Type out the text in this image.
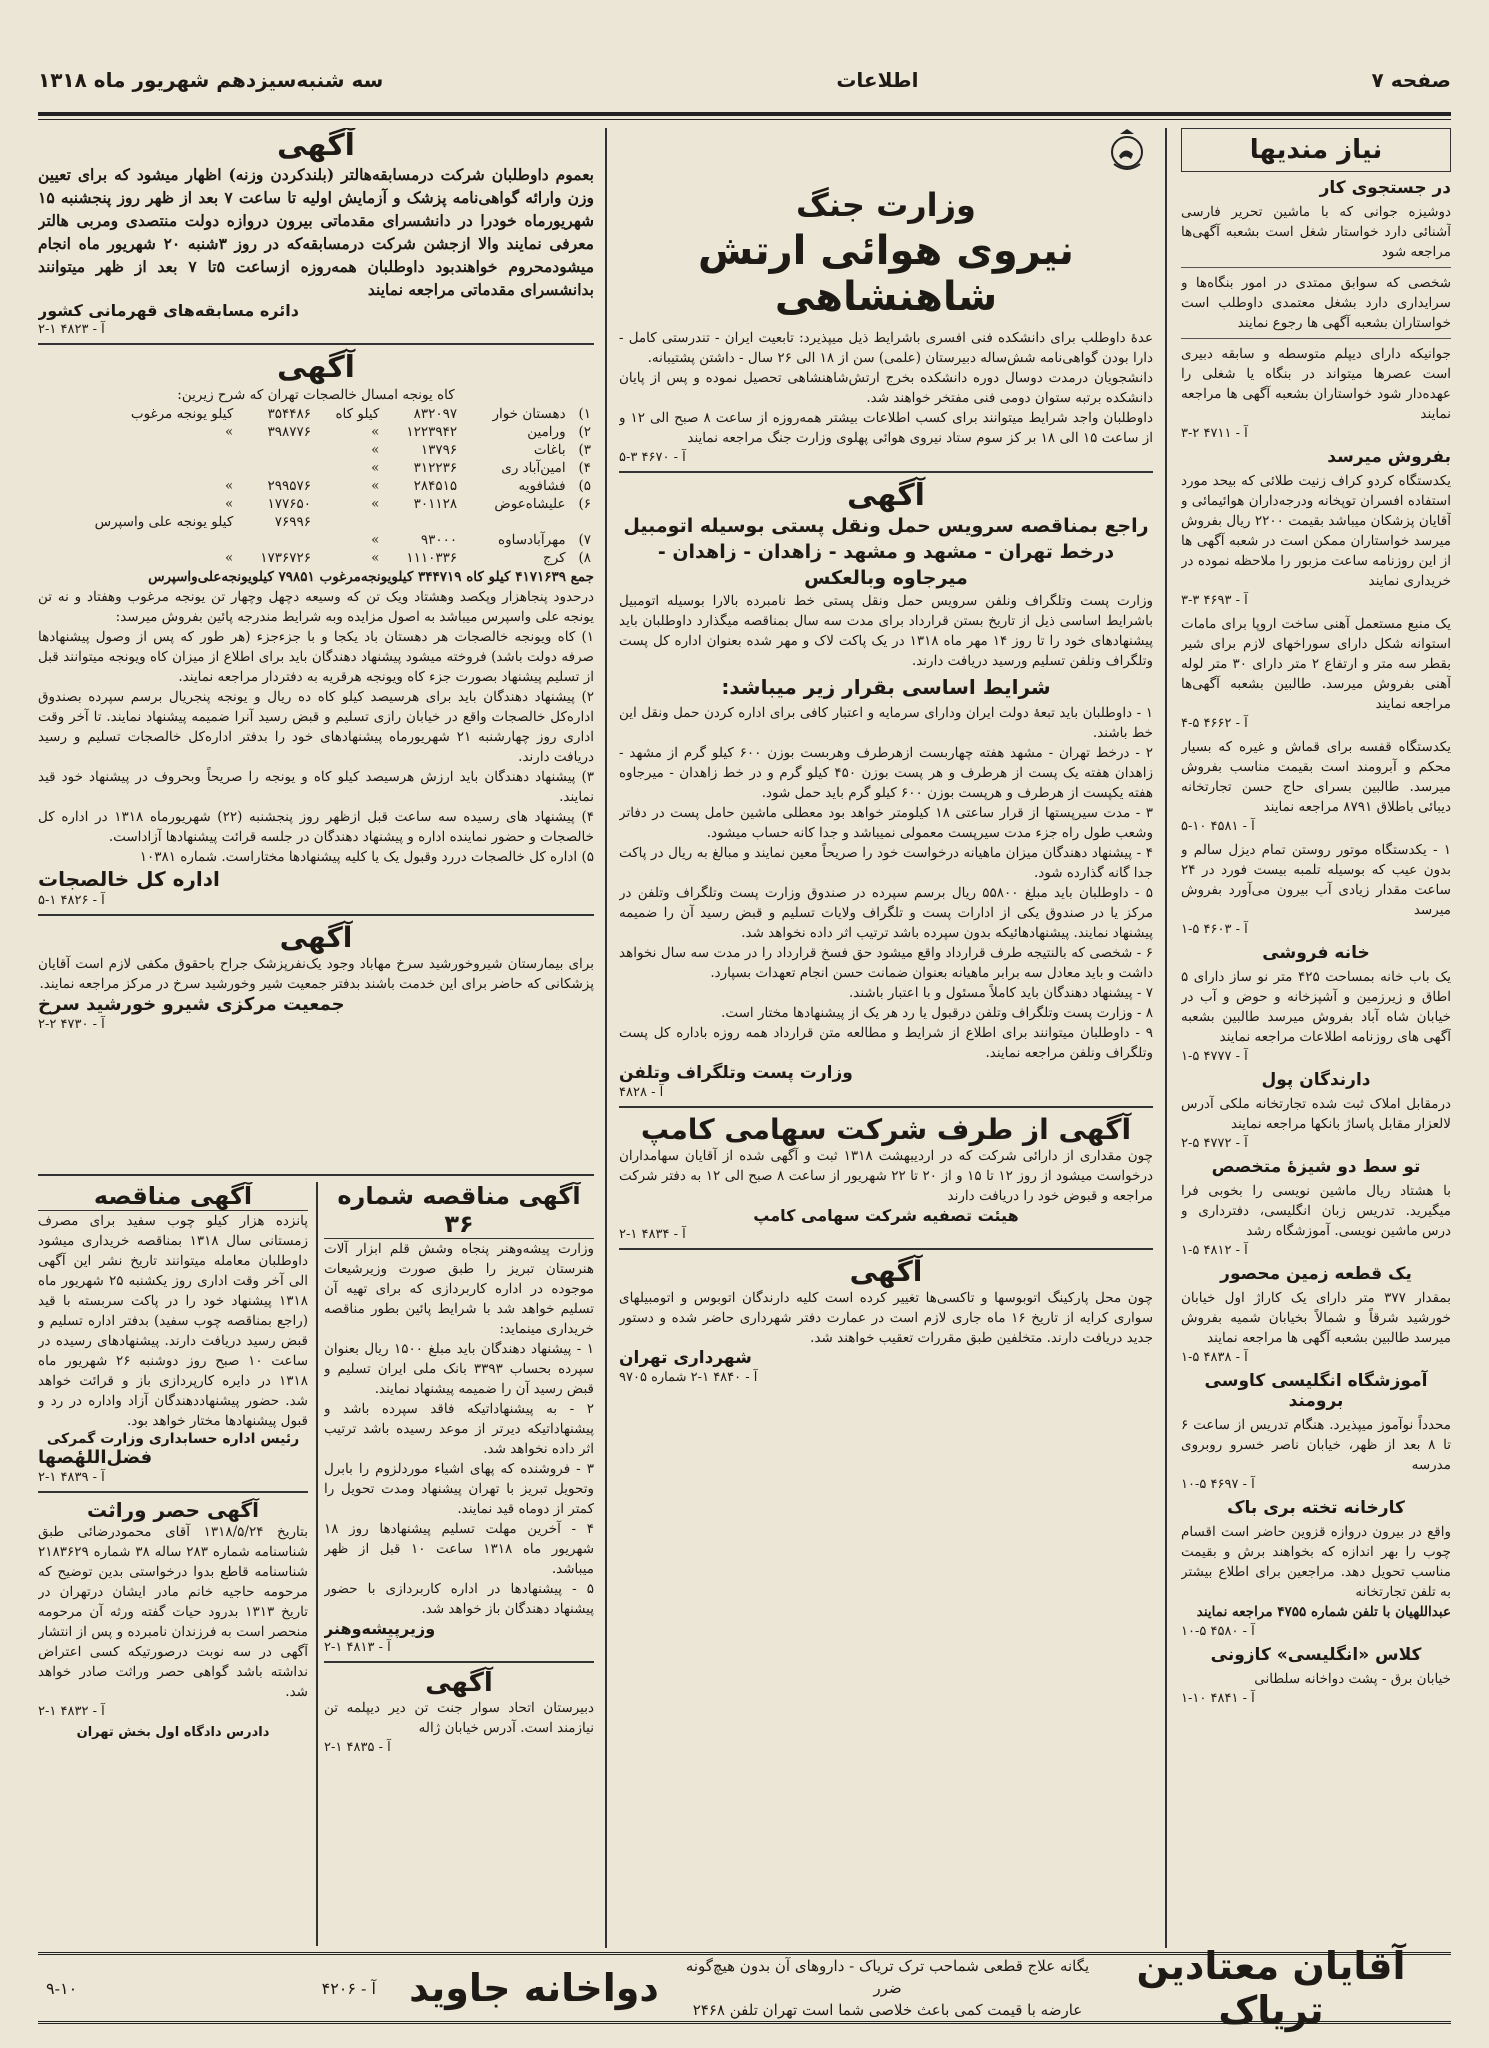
صفحه ۷
اطلاعات
سه شنبه‌سیزدهم شهریور ماه ۱۳۱۸
نیاز مندیها
در جستجوی کار
دوشیزه جوانی که با ماشین تحریر فارسی آشنائی دارد خواستار شغل است بشعبه آگهی‌ها مراجعه شود
شخصی که سوابق ممتدی در امور بنگاه‌ها و سرایداری دارد بشغل معتمدی داوطلب است خواستاران بشعبه آگهی ها رجوع نمایند
جوانیکه دارای دیپلم متوسطه و سابقه دبیری است عصرها میتواند در بنگاه یا شغلی را عهده‌دار شود خواستاران بشعبه آگهی ها مراجعه نمایند
آ - ۴۷۱۱ ۲-۳
بفروش میرسد
یکدستگاه کردو کراف زنیت طلائی که بیحد مورد استفاده افسران توپخانه ودرجه‌داران هوائیمائی و آقایان پزشکان میباشد بقیمت ۲۲۰۰ ریال بفروش میرسد خواستاران ممکن است در شعبه آگهی ها از این روزنامه ساعت مزبور را ملاحظه نموده در خریداری نمایند
آ - ۴۶۹۳ ۳-۳
یک منبع مستعمل آهنی ساخت اروپا برای مامات استوانه شکل دارای سوراخهای لازم برای شیر بقطر سه متر و ارتفاع ۲ متر دارای ۳۰ متر لوله آهنی بفروش میرسد. طالبین بشعبه آگهی‌ها مراجعه نمایند
آ - ۴۶۶۲ ۵-۴
یکدستگاه قفسه برای قماش و غیره که بسیار محکم و آبرومند است بقیمت مناسب بفروش میرسد. طالبین بسرای حاج حسن تجارتخانه دیبائی باطلاق ۸۷۹۱ مراجعه نمایند
آ - ۴۵۸۱ ۱۰-۵
۱ - یکدستگاه موتور روستن تمام دیزل سالم و بدون عیب که بوسیله تلمبه بیست فورد در ۲۴ ساعت مقدار زیادی آب بیرون می‌آورد بفروش میرسد
آ - ۴۶۰۳ ۵-۱
خانه فروشی
یک باب خانه بمساحت ۴۲۵ متر نو ساز دارای ۵ اطاق و زیرزمین و آشپزخانه و حوض و آب در خیابان شاه آباد بفروش میرسد طالبین بشعبه آگهی های روزنامه اطلاعات مراجعه نمایند
آ - ۴۷۷۷ ۵-۱
دارندگان پول
درمقابل املاک ثبت شده تجارتخانه ملکی آدرس لالعزار مقابل پاساژ بانکها مراجعه نمایند
آ - ۴۷۷۲ ۵-۲
تو سط دو شیزهٔ متخصص
با هشتاد ریال ماشین نویسی را بخوبی فرا میگیرید. تدریس زبان انگلیسی، دفترداری و درس ماشین نویسی. آموزشگاه رشد
آ - ۴۸۱۲ ۵-۱
یک قطعه زمین محصور
بمقدار ۳۷۷ متر دارای یک کاراژ اول خیابان خورشید شرقاً و شمالاً بخیابان شمیه بفروش میرسد طالبین بشعبه آگهی ها مراجعه نمایند
آ - ۴۸۳۸ ۵-۱
آموزشگاه انگلیسی کاوسی برومند
محدداً نوآموز میپذیرد. هنگام تدریس از ساعت ۶ تا ۸ بعد از ظهر، خیابان ناصر خسرو روبروی مدرسه
آ - ۴۶۹۷ ۵-۱۰
کارخانه تخته بری باک
واقع در بیرون دروازه قزوین حاضر است اقسام چوب را بهر اندازه که بخواهند برش و بقیمت مناسب تحویل دهد. مراجعین برای اطلاع بیشتر به تلفن تجارتخانه
عبداللهیان با تلفن شماره ۴۷۵۵ مراجعه نمایند
آ - ۴۵۸۰ ۵-۱۰
کلاس «انگلیسی» کازونی
خیابان برق - پشت دواخانه سلطانی
آ - ۴۸۴۱ ۱۰-۱
وزارت جنگ
نیروی هوائی ارتش شاهنشاهی
عدهٔ داوطلب برای دانشکده فنی افسری باشرایط ذیل میپذیرد: تابعیت ایران - تندرستی کامل - دارا بودن گواهی‌نامه شش‌ساله دبیرستان (علمی) سن از ۱۸ الی ۲۶ سال - داشتن پشتیبانه.
دانشجویان درمدت دوسال دوره دانشکده بخرج ارتش‌شاهنشاهی تحصیل نموده و پس از پایان دانشکده برتبه ستوان دومی فنی مفتخر خواهند شد.
داوطلبان واجد شرایط میتوانند برای کسب اطلاعات بیشتر همه‌روزه از ساعت ۸ صبح الی ۱۲ و از ساعت ۱۵ الی ۱۸ بر کز سوم ستاد نیروی هوائی پهلوی وزارت جنگ مراجعه نمایند
آ - ۴۶۷۰ ۳-۵
آگهی
راجع بمناقصه سرویس حمل ونقل پستی بوسیله اتومبیل درخط تهران - مشهد و مشهد - زاهدان - زاهدان - میرجاوه وبالعکس
وزارت پست وتلگراف ونلفن سرویس حمل ونقل پستی خط نامبرده بالارا بوسیله اتومبیل باشرایط اساسی ذیل از تاریخ بستن قرارداد برای مدت سه سال بمناقصه میگذارد داوطلبان باید پیشنهادهای خود را تا روز ۱۴ مهر ماه ۱۳۱۸ در یک پاکت لاک و مهر شده بعنوان اداره کل پست وتلگراف ونلفن تسلیم ورسید دریافت دارند.
شرایط اساسی بقرار زیر میباشد:
۱ - داوطلبان باید تبعهٔ دولت ایران ودارای سرمایه و اعتبار کافی برای اداره کردن حمل ونقل این خط باشند.
۲ - درخط تهران - مشهد هفته چهاربست ازهرطرف وهربست بوزن ۶۰۰ کیلو گرم از مشهد - زاهدان هفته یک پست از هرطرف و هر پست بوزن ۴۵۰ کیلو گرم و در خط زاهدان - میرجاوه هفته یکپست از هرطرف و هرپست بوزن ۶۰۰ کیلو گرم باید حمل شود.
۳ - مدت سیرپستها از قرار ساعتی ۱۸ کیلومتر خواهد بود معطلی ماشین حامل پست در دفاتر وشعب طول راه جزء مدت سیرپست معمولی نمیباشد و جدا کانه حساب میشود.
۴ - پیشنهاد دهندگان میزان ماهیانه درخواست خود را صریحاً معین نمایند و مبالغ به ریال در پاکت جدا گانه گذارده شود.
۵ - داوطلبان باید مبلغ ۵۵۸۰۰ ریال برسم سپرده در صندوق وزارت پست وتلگراف وتلفن در مرکز یا در صندوق یکی از ادارات پست و تلگراف ولایات تسلیم و قبض رسید آن را ضمیمه پیشنهاد نمایند. پیشنهادهائیکه بدون سپرده باشد ترتیب اثر داده نخواهد شد.
۶ - شخصی که بالنتیجه طرف قرارداد واقع میشود حق فسخ قرارداد را در مدت سه سال نخواهد داشت و باید معادل سه برابر ماهیانه بعنوان ضمانت حسن انجام تعهدات بسپارد.
۷ - پیشنهاد دهندگان باید کاملاً مسئول و با اعتبار باشند.
۸ - وزارت پست وتلگراف وتلفن درقبول یا رد هر یک از پیشنهادها مختار است.
۹ - داوطلبان میتوانند برای اطلاع از شرایط و مطالعه متن قرارداد همه روزه باداره کل پست وتلگراف ونلفن مراجعه نمایند.
وزارت پست وتلگراف وتلفن
آ - ۴۸۲۸
آگهی از طرف شرکت سهامی کامپ
چون مقداری از دارائی شرکت که در اردیبهشت ۱۳۱۸ ثبت و آگهی شده از آقایان سهامداران درخواست میشود از روز ۱۲ تا ۱۵ و از ۲۰ تا ۲۲ شهریور از ساعت ۸ صبح الی ۱۲ به دفتر شرکت مراجعه و قبوض خود را دریافت دارند
هیئت تصفیه شرکت سهامی کامپ
آ - ۴۸۳۴ ۱-۲
آگهی
چون محل پارکینگ اتوبوسها و تاکسی‌ها تغییر کرده است کلیه دارندگان اتوبوس و اتومبیلهای سواری کرایه از تاریخ ۱۶ ماه جاری لازم است در عمارت دفتر شهرداری حاضر شده و دستور جدید دریافت دارند. متخلفین طبق مقررات تعقیب خواهند شد.
شهرداری تهران
آ - ۴۸۴۰ ۱-۲ شماره ۹۷۰۵
آگهی
بعموم داوطلبان شرکت درمسابقه‌هالتر (بلندکردن وزنه) اظهار میشود که برای تعیین وزن وارائه گواهی‌نامه پزشک و آزمایش اولیه تا ساعت ۷ بعد از ظهر روز پنجشنبه ۱۵ شهریورماه خودرا در دانشسرای مقدماتی بیرون دروازه دولت منتصدی ومربی هالتر معرفی نمایند والا ازجشن شرکت درمسابقه‌که در روز ۳شنبه ۲۰ شهریور ماه انجام میشودمحروم خواهندبود داوطلبان همه‌روزه ازساعت ۵تا ۷ بعد از ظهر میتوانند بدانشسرای مقدماتی مراجعه نمایند
دائره مسابقه‌های قهرمانی کشور
آ - ۴۸۲۳ ۱-۲
آگهی
کاه یونجه امسال خالصجات تهران که شرح زیرین:
۱)	دهستان خوار	۸۳۲۰۹۷	کیلو کاه	۳۵۴۴۸۶	کیلو یونجه مرغوب
۲)	ورامین	۱۲۲۳۹۴۲	»	۳۹۸۷۷۶	»
۳)	باغات	۱۳۷۹۶	»		
۴)	امین‌آباد ری	۳۱۲۲۳۶	»		
۵)	فشافویه	۲۸۴۵۱۵	»	۲۹۹۵۷۶	»
۶)	علیشاه‌عوض	۳۰۱۱۲۸	»	۱۷۷۶۵۰	»
				۷۶۹۹۶	کیلو یونجه علی واسپرس
۷)	مهرآبادساوه	۹۳۰۰۰	»		
۸)	کرج	۱۱۱۰۳۳۶	»	۱۷۳۶۷۲۶	»
جمع ۴۱۷۱۶۳۹ کیلو کاه ۳۴۴۷۱۹ کیلویونجه‌مرغوب ۷۹۸۵۱ کیلویونجه‌علی‌واسپرس
درحدود پنجاهزار وپکصد وهشتاد ویک تن که وسیعه دچهل وچهار تن یونجه مرغوب وهفتاد و نه تن یونجه علی واسپرس میباشد به اصول مزایده وبه شرایط مندرجه پائین بفروش میرسد:
۱) کاه ویونجه خالصجات هر دهستان باد یکجا و با جزءجزء (هر طور که پس از وصول پیشنهادها صرفه دولت باشد) فروخته میشود پیشنهاد دهندگان باید برای اطلاع از میزان کاه ویونجه میتوانند قبل از تسلیم پیشنهاد بصورت جزء کاه ویونجه هرقریه به دفتردار مراجعه نمایند.
۲) پیشنهاد دهندگان باید برای هرسیصد کیلو کاه ده ریال و یونجه پنجریال برسم سپرده بصندوق اداره‌کل خالصجات واقع در خیابان رازی تسلیم و قبض رسید آنرا ضمیمه پیشنهاد نمایند. تا آخر وقت اداری روز چهارشنبه ۲۱ شهریورماه پیشنهادهای خود را بدفتر اداره‌کل خالصجات تسلیم و رسید دریافت دارند.
۳) پیشنهاد دهندگان باید ارزش هرسیصد کیلو کاه و یونجه را صریحاً وبحروف در پیشنهاد خود قید نمایند.
۴) پیشنهاد های رسیده سه ساعت قبل ازظهر روز پنجشنبه (۲۲) شهریورماه ۱۳۱۸ در اداره کل خالصجات و حضور نماینده اداره و پیشنهاد دهندگان در جلسه قرائت پیشنهادها آزاداست.
۵) اداره کل خالصجات دررد وقبول یک یا کلیه پیشنهادها مختاراست. شماره ۱۰۳۸۱
اداره کل خالصجات
آ - ۴۸۲۶ ۱-۵
آگهی
برای بیمارستان شیروخورشید سرخ مهاباد وجود یک‌نفرپزشک جراح باحقوق مکفی لازم است آقایان پزشکانی که حاضر برای این خدمت باشند بدفتر جمعیت شیر وخورشید سرخ در مرکز مراجعه نمایند.
جمعیت مرکزی شیرو خورشید سرخ
آ - ۴۷۳۰ ۲-۲
آگهی مناقصه شماره ۳۶
وزارت پیشه‌وهنر پنجاه وشش قلم ابزار آلات هنرستان تبریز را طبق صورت وزیرشیعات موجوده در اداره کاربردازی که برای تهیه آن تسلیم خواهد شد با شرایط پائین بطور مناقصه خریداری مینماید:
۱ - پیشنهاد دهندگان باید مبلغ ۱۵۰۰ ریال بعنوان سپرده بحساب ۳۳۹۳ بانک ملی ایران تسلیم و قبض رسید آن را ضمیمه پیشنهاد نمایند.
۲ - به پیشنهاداتیکه فاقد سپرده باشد و پیشنهاداتیکه دیرتر از موعد رسیده باشد ترتیب اثر داده نخواهد شد.
۳ - فروشنده که پهای اشیاء موردلزوم را بابرل وتحویل تبریز با تهران پیشنهاد ومدت تحویل را کمتر از دوماه قید نمایند.
۴ - آخرین مهلت تسلیم پیشنهادها روز ۱۸ شهریور ماه ۱۳۱۸ ساعت ۱۰ قبل از ظهر میباشد.
۵ - پیشنهادها در اداره کاربردازی با حضور پیشنهاد دهندگان باز خواهد شد.
وزیرپیشه‌وهنر
آ - ۴۸۱۳ ۱-۲
آگهی
دبیرستان اتحاد سوار جنت تن دیر دیپلمه تن نیازمند است. آدرس خیابان ژاله
آ - ۴۸۳۵ ۱-۲
آگهی مناقصه
پانزده هزار کیلو چوب سفید برای مصرف زمستانی سال ۱۳۱۸ بمناقصه خریداری میشود داوطلبان معامله میتوانند تاریخ نشر این آگهی الی آخر وقت اداری روز یکشنبه ۲۵ شهریور ماه ۱۳۱۸ پیشنهاد خود را در پاکت سربسته با قید (راجع بمناقصه چوب سفید) بدفتر اداره تسلیم و قبض رسید دریافت دارند. پیشنهادهای رسیده در ساعت ۱۰ صبح روز دوشنبه ۲۶ شهریور ماه ۱۳۱۸ در دایره کارپردازی باز و قرائت خواهد شد. حضور پیشنهاددهندگان آزاد واداره در رد و قبول پیشنهادها مختار خواهد بود.
رئیس اداره حسابداری وزارت گمرکی
فضل‌اللهٔصها
آ - ۴۸۳۹ ۱-۲
آگهی حصر وراثت
بتاریخ ۱۳۱۸/۵/۲۴ آقای محمودرضائی طبق شناسنامه شماره ۲۸۳ ساله ۳۸ شماره ۲۱۸۳۶۲۹ شناسنامه قاطع بدوا درخواستی بدین توضیح که مرحومه حاجیه خانم مادر ایشان درتهران در تاریخ ۱۳۱۳ بدرود حیات گفته ورثه آن مرحومه منحصر است به فرزندان نامبرده و پس از انتشار آگهی در سه نوبت درصورتیکه کسی اعتراض نداشته باشد گواهی حصر وراثت صادر خواهد شد.
آ - ۴۸۳۲ ۱-۲
دادرس دادگاه اول بخش تهران
آقایان معتادین تریاک
یگانه علاج قطعی شماحب ترک تریاک - داروهای آن بدون هیچ‌گونه ضرر
عارضه با قیمت کمی باعث خلاصی شما است تهران تلفن ۲۴۶۸
دواخانه جاوید
آ - ۴۲۰۶
۹-۱۰
